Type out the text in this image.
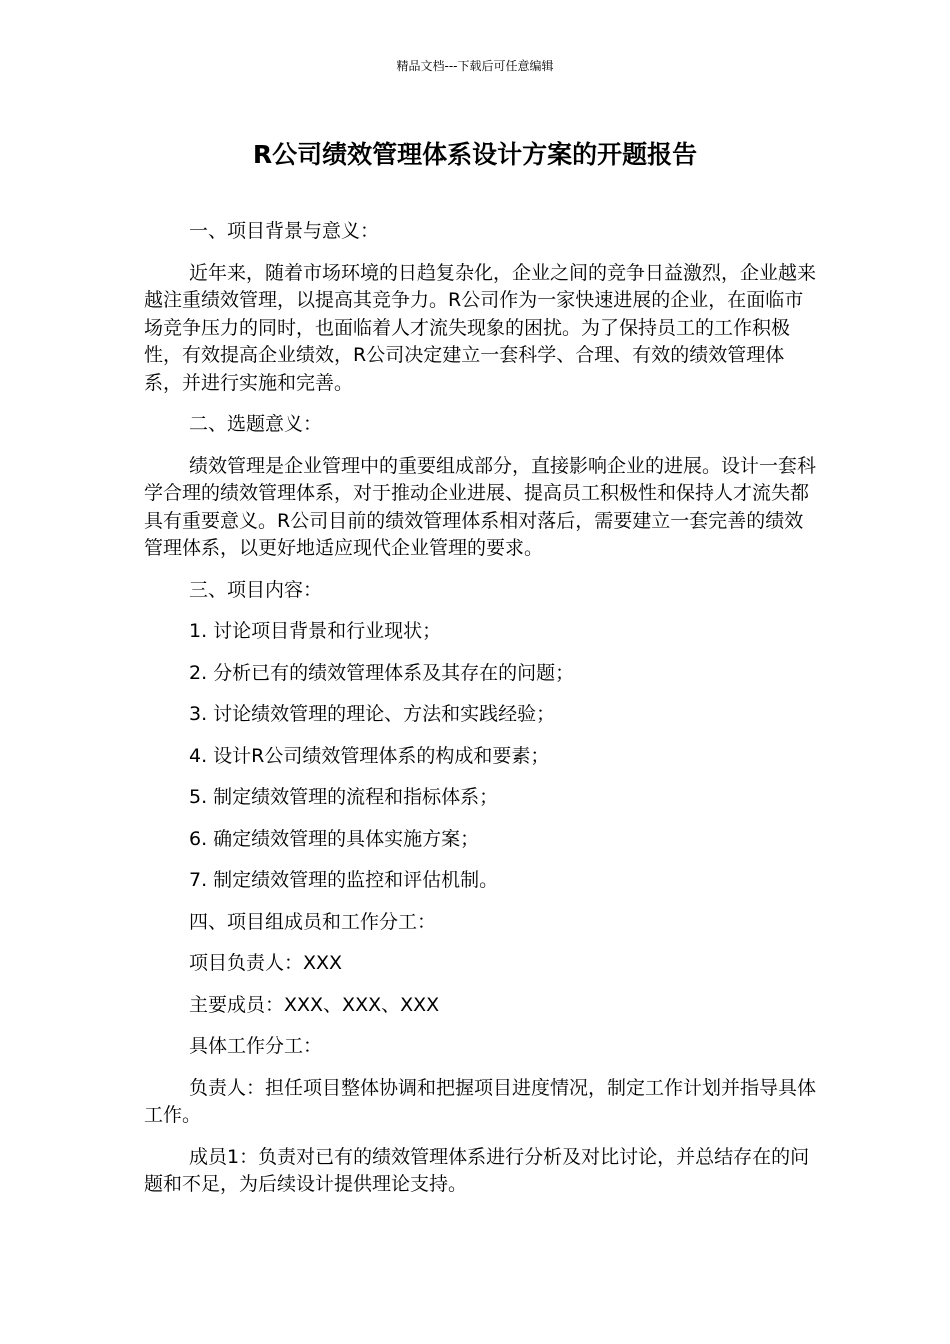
精品文档---下载后可任意编辑
R公司绩效管理体系设计方案的开题报告

一、项目背景与意义：

近年来，随着市场环境的日趋复杂化，企业之间的竞争日益激烈，企业越来越注重绩效管理，以提高其竞争力。R公司作为一家快速进展的企业，在面临市场竞争压力的同时，也面临着人才流失现象的困扰。为了保持员工的工作积极性，有效提高企业绩效，R公司决定建立一套科学、合理、有效的绩效管理体系，并进行实施和完善。

二、选题意义：

绩效管理是企业管理中的重要组成部分，直接影响企业的进展。设计一套科学合理的绩效管理体系，对于推动企业进展、提高员工积极性和保持人才流失都具有重要意义。R公司目前的绩效管理体系相对落后，需要建立一套完善的绩效管理体系，以更好地适应现代企业管理的要求。

三、项目内容：

1. 讨论项目背景和行业现状；

2. 分析已有的绩效管理体系及其存在的问题；

3. 讨论绩效管理的理论、方法和实践经验；

4. 设计R公司绩效管理体系的构成和要素；

5. 制定绩效管理的流程和指标体系；

6. 确定绩效管理的具体实施方案；

7. 制定绩效管理的监控和评估机制。

四、项目组成员和工作分工：

项目负责人：XXX

主要成员：XXX、XXX、XXX

具体工作分工：

负责人：担任项目整体协调和把握项目进度情况，制定工作计划并指导具体工作。

成员1：负责对已有的绩效管理体系进行分析及对比讨论，并总结存在的问题和不足，为后续设计提供理论支持。
